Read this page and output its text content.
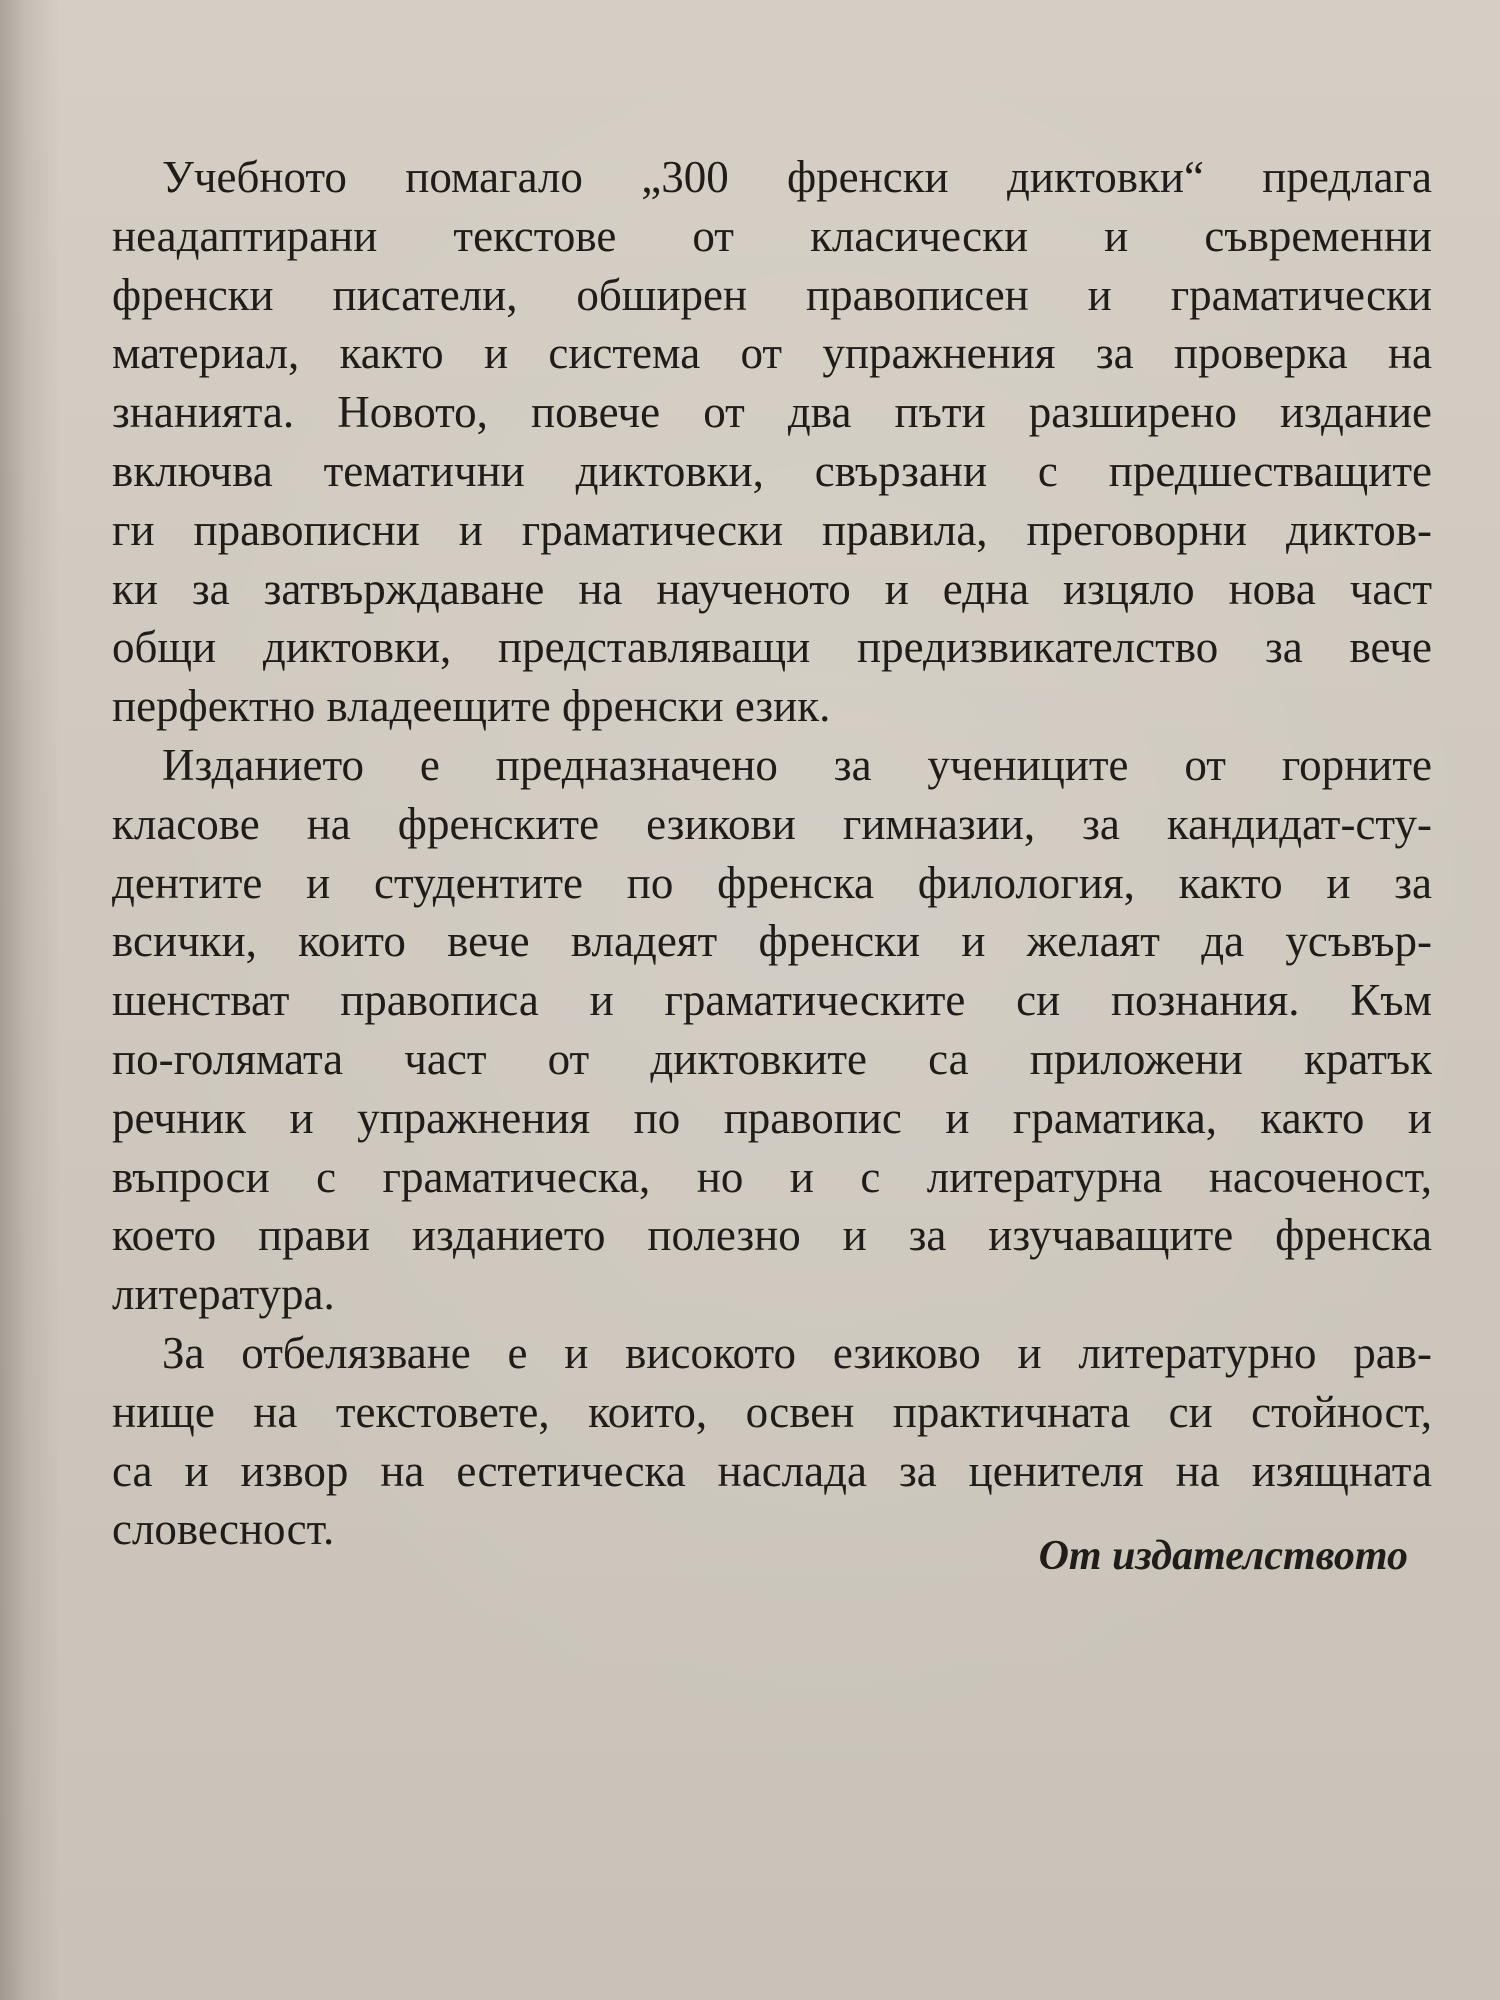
Учебното помагало „300 френски диктовки“ предлага
неадаптирани текстове от класически и съвременни
френски писатели, обширен правописен и граматически
материал, както и система от упражнения за проверка на
знанията. Новото, повече от два пъти разширено издание
включва тематични диктовки, свързани с предшестващите
ги правописни и граматически правила, преговорни диктов-
ки за затвърждаване на наученото и една изцяло нова част
общи диктовки, представляващи предизвикателство за вече
перфектно владеещите френски език.
Изданието е предназначено за учениците от горните
класове на френските езикови гимназии, за кандидат-сту-
дентите и студентите по френска филология, както и за
всички, които вече владеят френски и желаят да усъвър-
шенстват правописа и граматическите си познания. Към
по-голямата част от диктовките са приложени кратък
речник и упражнения по правопис и граматика, както и
въпроси с граматическа, но и с литературна насоченост,
което прави изданието полезно и за изучаващите френска
литература.
За отбелязване е и високото езиково и литературно рав-
нище на текстовете, които, освен практичната си стойност,
са и извор на естетическа наслада за ценителя на изящната
словесност.
От издателството
